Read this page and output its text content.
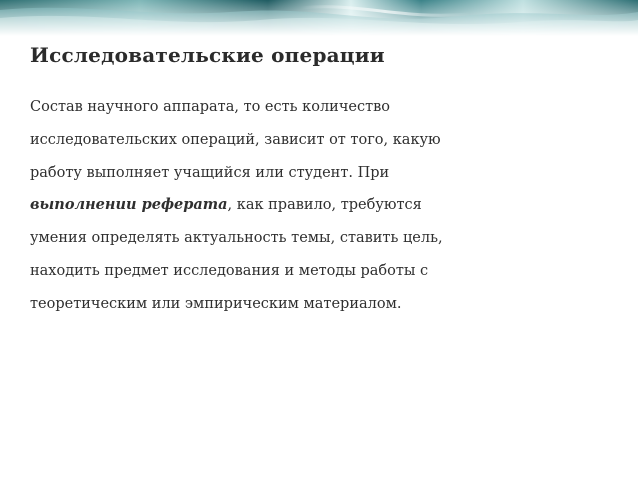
Исследовательские операции
Состав научного аппарата, то есть количество
исследовательских операций, зависит от того, какую
работу выполняет учащийся или студент. При
выполнении реферата, как правило, требуются
умения определять актуальность темы, ставить цель,
находить предмет исследования и методы работы с
теоретическим или эмпирическим материалом.
